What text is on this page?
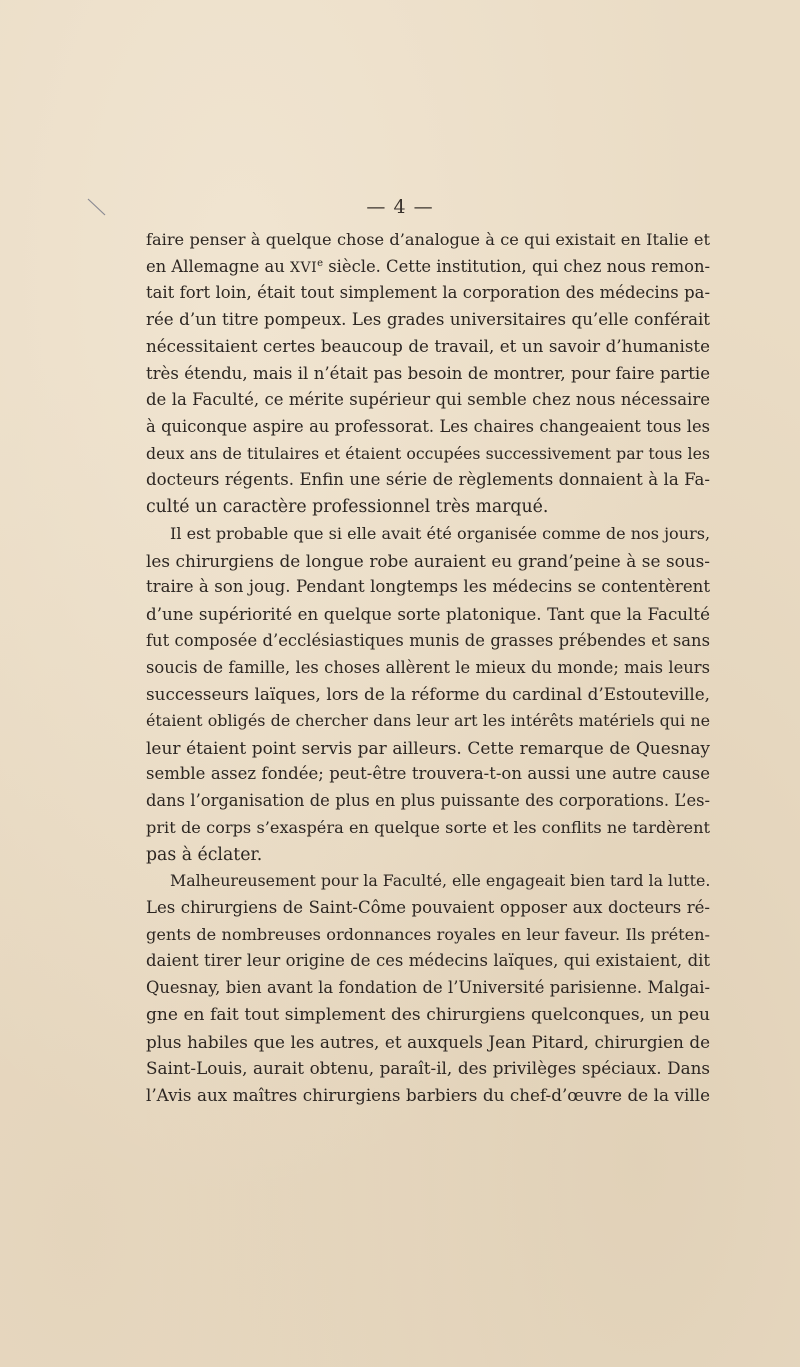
— 4 —
faire penser à quelque chose d’analogue à ce qui existait en Italie et
en Allemagne au XVIe siècle. Cette institution, qui chez nous remon-
tait fort loin, était tout simplement la corporation des médecins pa-
rée d’un titre pompeux. Les grades universitaires qu’elle conférait
nécessitaient certes beaucoup de travail, et un savoir d’humaniste
très étendu, mais il n’était pas besoin de montrer, pour faire partie
de la Faculté, ce mérite supérieur qui semble chez nous nécessaire
à quiconque aspire au professorat. Les chaires changeaient tous les
deux ans de titulaires et étaient occupées successivement par tous les
docteurs régents. Enfin une série de règlements donnaient à la Fa-
culté un caractère professionnel très marqué.
Il est probable que si elle avait été organisée comme de nos jours,
les chirurgiens de longue robe auraient eu grand’peine à se sous-
traire à son joug. Pendant longtemps les médecins se contentèrent
d’une supériorité en quelque sorte platonique. Tant que la Faculté
fut composée d’ecclésiastiques munis de grasses prébendes et sans
soucis de famille, les choses allèrent le mieux du monde; mais leurs
successeurs laïques, lors de la réforme du cardinal d’Estouteville,
étaient obligés de chercher dans leur art les intérêts matériels qui ne
leur étaient point servis par ailleurs. Cette remarque de Quesnay
semble assez fondée; peut-être trouvera-t-on aussi une autre cause
dans l’organisation de plus en plus puissante des corporations. L’es-
prit de corps s’exaspéra en quelque sorte et les conflits ne tardèrent
pas à éclater.
Malheureusement pour la Faculté, elle engageait bien tard la lutte.
Les chirurgiens de Saint-Côme pouvaient opposer aux docteurs ré-
gents de nombreuses ordonnances royales en leur faveur. Ils préten-
daient tirer leur origine de ces médecins laïques, qui existaient, dit
Quesnay, bien avant la fondation de l’Université parisienne. Malgai-
gne en fait tout simplement des chirurgiens quelconques, un peu
plus habiles que les autres, et auxquels Jean Pitard, chirurgien de
Saint-Louis, aurait obtenu, paraît-il, des privilèges spéciaux. Dans
l’Avis aux maîtres chirurgiens barbiers du chef-d’œuvre de la ville
